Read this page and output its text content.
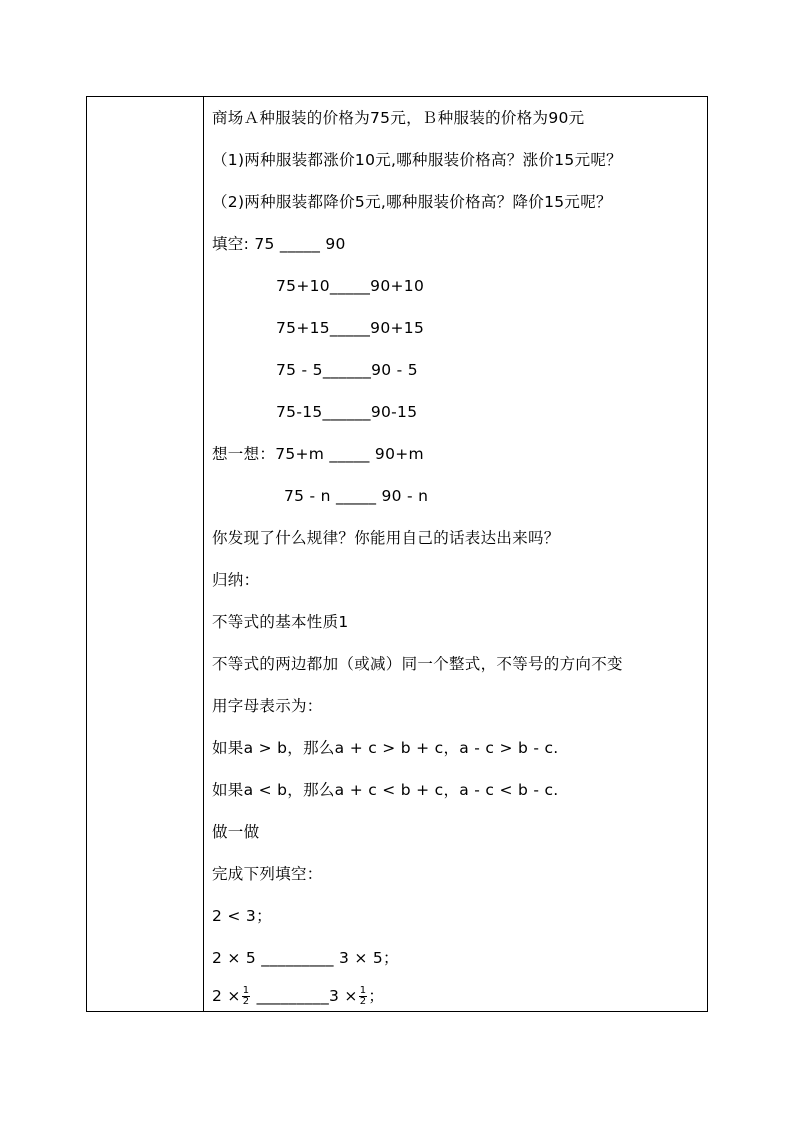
商场Ａ种服装的价格为75元，Ｂ种服装的价格为90元
（1)两种服装都涨价10元,哪种服装价格高？涨价15元呢？
（2)两种服装都降价5元,哪种服装价格高？降价15元呢？
填空: 75 _____ 90
75+10_____90+10
75+15_____90+15
75 - 5______90 - 5
75-15______90-15
想一想：75+m _____ 90+m
75 - n _____ 90 - n
你发现了什么规律？你能用自己的话表达出来吗？
归纳：
不等式的基本性质1
不等式的两边都加（或减）同一个整式，不等号的方向不变
用字母表示为：
如果a > b，那么a + c > b + c，a - c > b - c.
如果a < b，那么a + c < b + c，a - c < b - c.
做一做
完成下列填空：
2 < 3；
2 × 5 _________ 3 × 5；
$2 \times \frac{1}{2}$ _________3 × $\frac{1}{2}$ ；
